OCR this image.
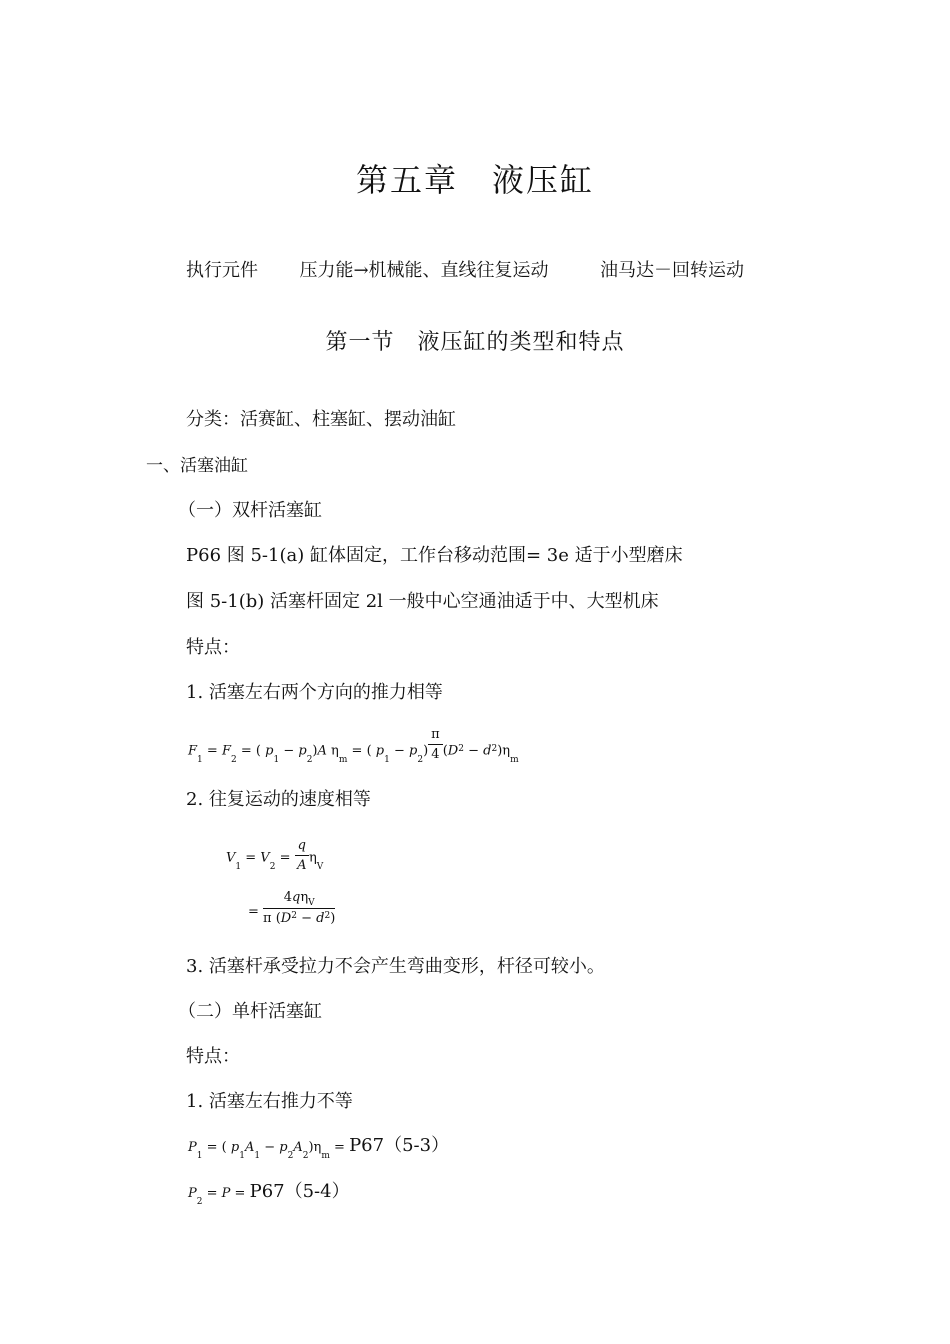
第五章　液压缸
执行元件 压力能→机械能、直线往复运动	油马达－回转运动
第一节　液压缸的类型和特点
分类：活赛缸、柱塞缸、摆动油缸
一、活塞油缸
（一）双杆活塞缸
P66 图 5-1(a) 缸体固定，工作台移动范围= 3e 适于小型磨床
图 5-1(b) 活塞杆固定 2l 一般中心空通油适于中、大型机床
特点：
1. 活塞左右两个方向的推力相等
$F_1 = F_2$ = ( $p_1 - p_2)A$ $\eta_m$ = ( $p_1 - p_2) \frac{\pi}{4} (D^2 - d^2)\eta_m$
2. 往复运动的速度相等
$V_1 = V_2 = \frac{q}{A} \eta_V$
= $\frac{4q\eta_V}{\pi (D^2 - d^2)}$
3. 活塞杆承受拉力不会产生弯曲变形，杆径可较小。
（二）单杆活塞缸
特点：
1. 活塞左右推力不等
$P_1$ = ( $p_1A_1 - p_2A_2)\eta_m = P67(5-3)$
$P_2 = P = P67(5-4)$
